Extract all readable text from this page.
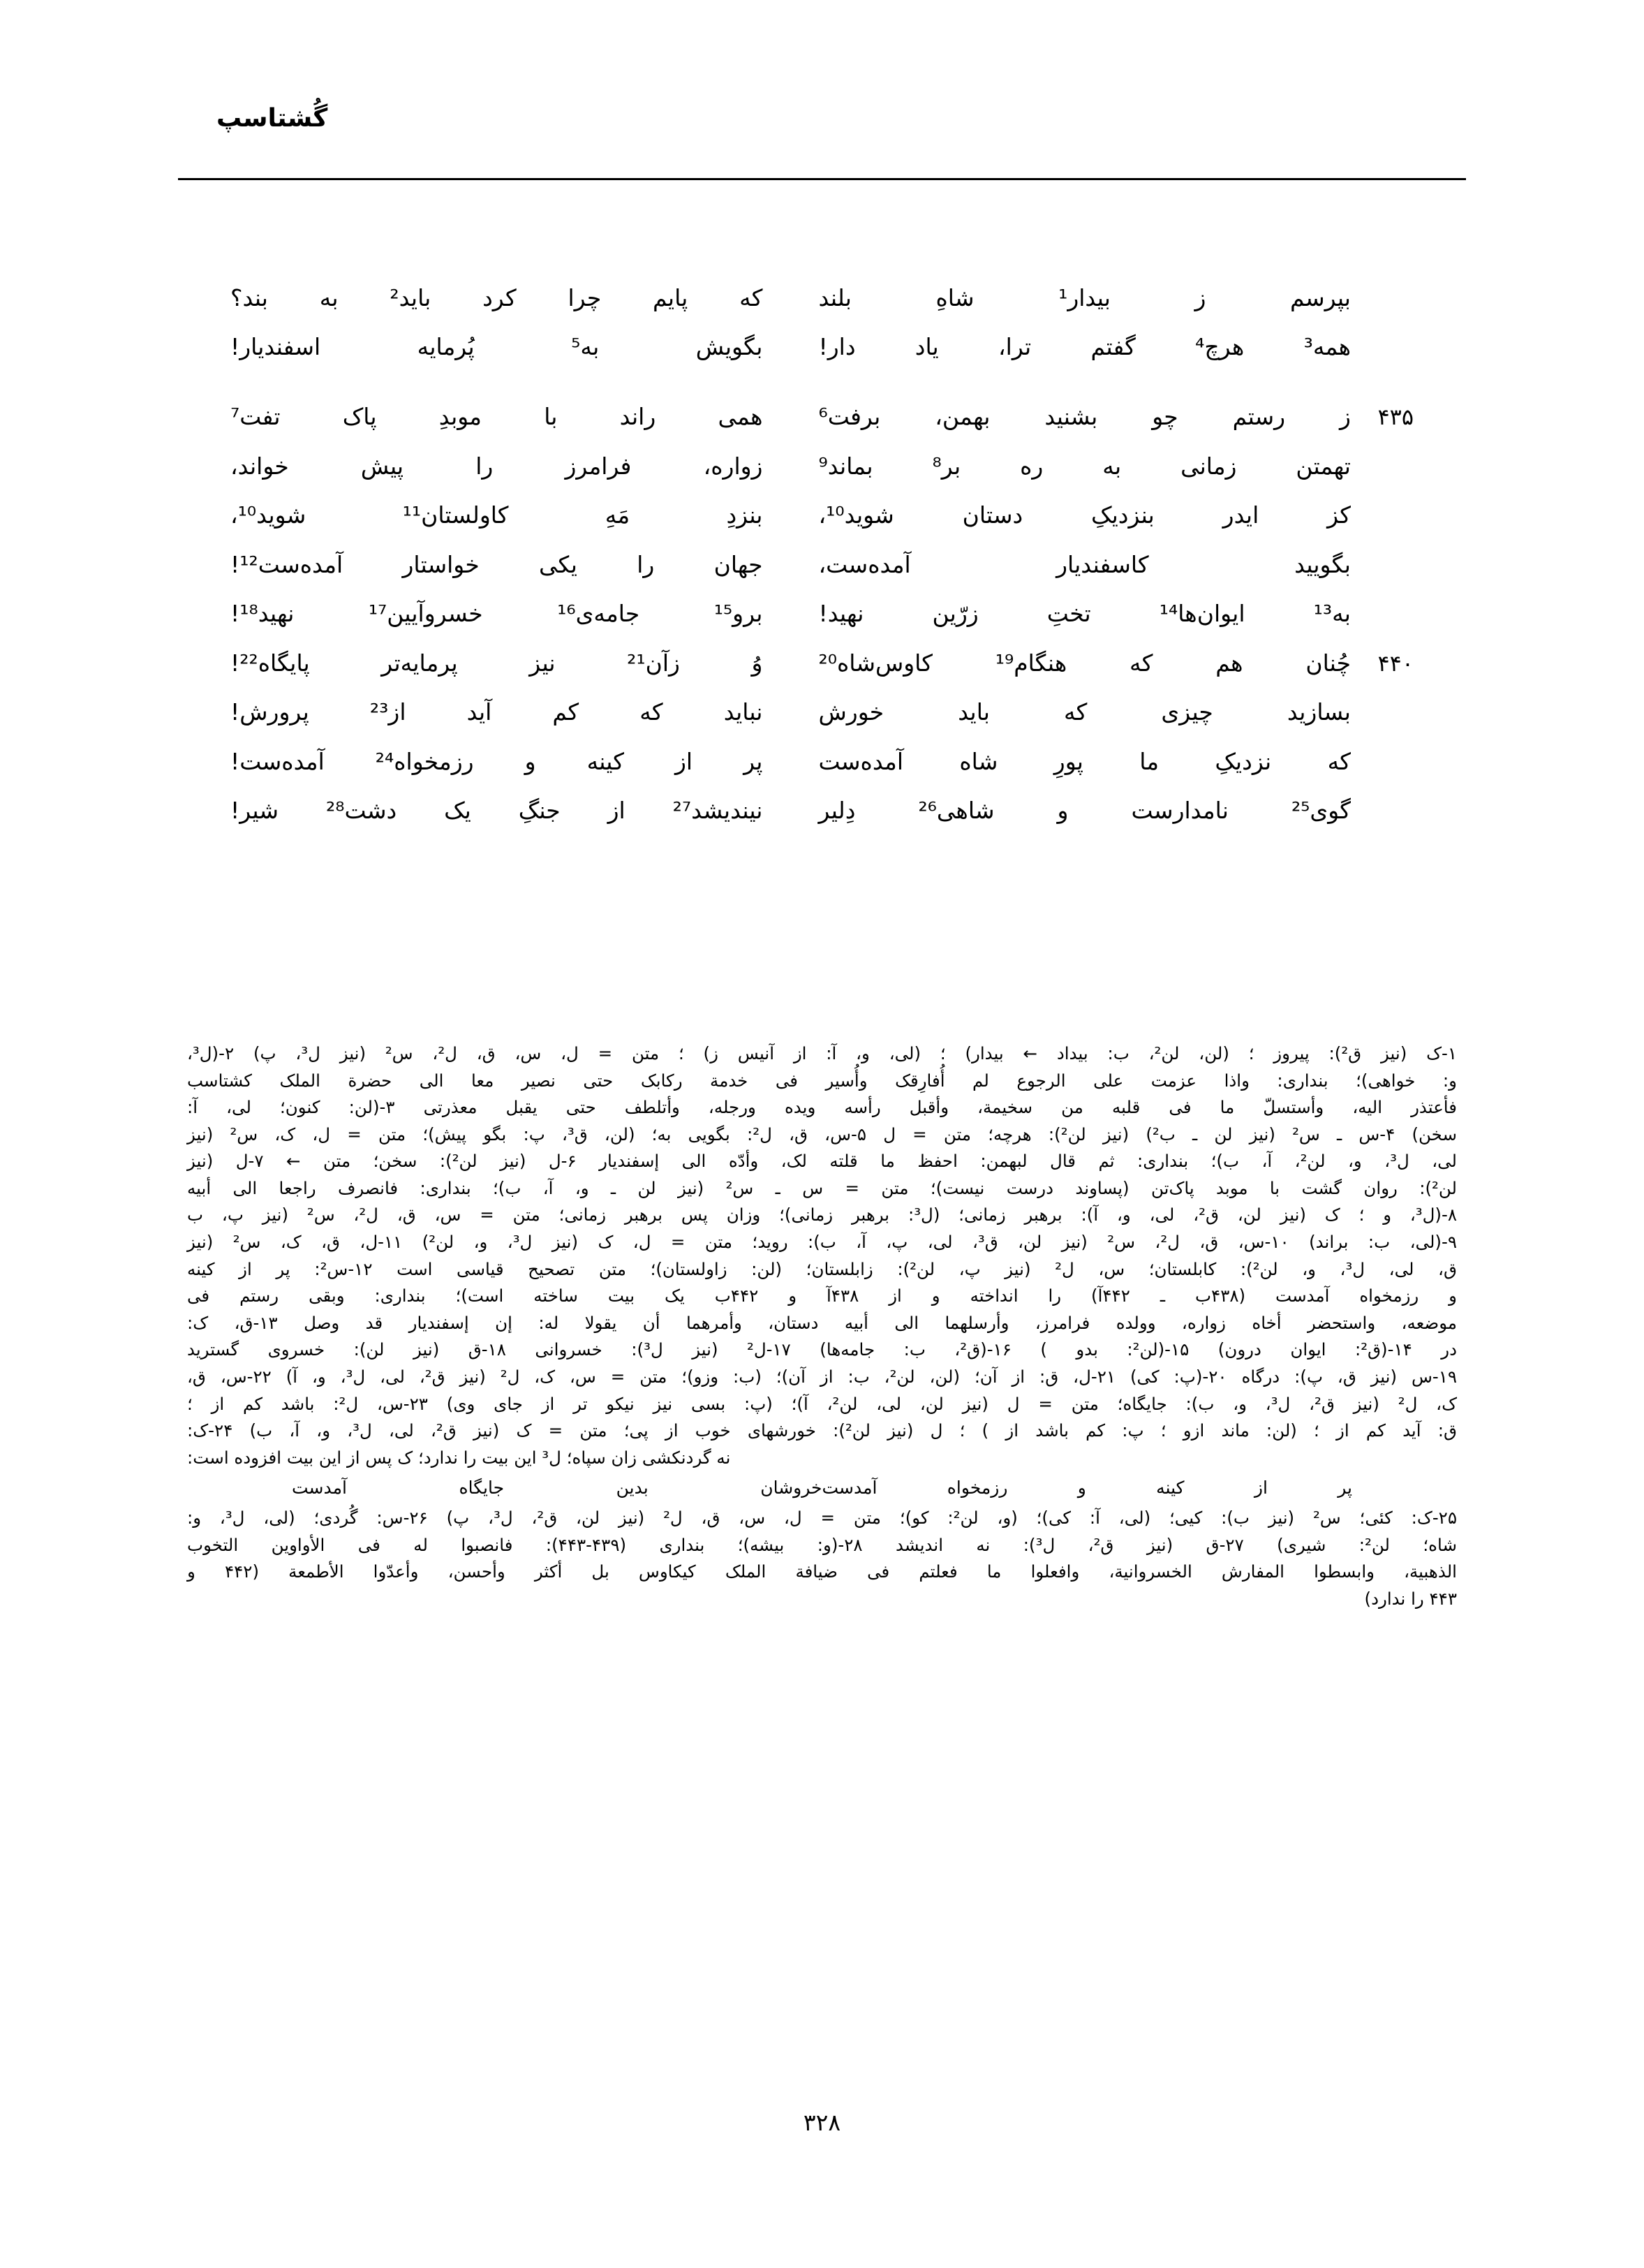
گُشتاسپ
بپرسم ز بیدار¹ شاهِ بلند
که پایم چرا کرد باید² به بند؟
همه³ هرچ⁴ گفتم ترا، یاد دار!
بگویش به⁵ پُرمایه اسفندیار!
۴۳۵
ز رستم چو بشنید بهمن، برفت⁶
همی راند با موبدِ پاک تفت⁷
تهمتن زمانی به ره بر⁸ بماند⁹
زواره، فرامرز را پیش خواند،
کز ایدر بنزدیکِ دستان شوید¹⁰،
بنزدِ مَهِ کاولستان¹¹ شوید¹⁰،
بگویید کاسفندیار آمده‌ست،
جهان را یکی خواستار آمده‌ست¹²!
به¹³ ایوان‌ها¹⁴ تختِ زرّین نهید!
برو¹⁵ جامه‌ی¹⁶ خسروآیین¹⁷ نهید¹⁸!
۴۴۰
چُنان هم که هنگام¹⁹ کاوس‌شاه²⁰
وُ زآن²¹ نیز پرمایه‌تر پایگاه²²!
بسازید چیزی که باید خورش
نباید که کم آید از²³ پرورش!
که نزدیکِ ما پورِ شاه آمده‌ست
پر از کینه و رزمخواه²⁴ آمده‌ست!
گوی²⁵ نامدارست و شاهی²⁶ دِلیر
نیندیشد²⁷ از جنگِ یک دشت²⁸ شیر!
۱-ک (نیز ق²): پیروز ؛ (لن، لن²، ب: بیداد ← بیدار) ؛ (لی، و، آ: از آنیس ز) ؛ متن = ل، س، ق، ل²، س² (نیز ل³، پ) ۲-(ل³،
و: خواهی)؛ بنداری: واذا عزمت علی الرجوع لم أُفارِقک وأُسیر فی خدمة رکابک حتی نصیر معا الی حضرة الملک کشتاسب
فأعتذر الیه، وأستسلّ ما فی قلبه من سخیمة، وأقبل رأسه ویده ورجله، وأتلطف حتی یقبل معذرتی ۳-(لن: کنون؛ لی، آ:
سخن) ۴-س ـ س² (نیز لن ـ ب²) (نیز لن²): هرچه؛ متن = ل ۵-س، ق، ل²: بگویی به؛ (لن، ق³، پ: بگو پیش)؛ متن = ل، ک، س² (نیز
لی، ل³، و، لن²، آ، ب)؛ بنداری: ثم قال لبهمن: احفظ ما قلته لک، وأدّه الی إسفندیار ۶-ل (نیز لن²): سخن؛ متن ← ۷-ل (نیز
لن²): روان گشت با موبد پاک‌تن (پساوند درست نیست)؛ متن = س ـ س² (نیز لن ـ و، آ، ب)؛ بنداری: فانصرف راجعا الی أبیه
۸-(ل³، و ؛ ک (نیز لن، ق²، لی، و، آ): برهبر زمانی؛ (ل³: برهبر زمانی)؛ وزان پس برهبر زمانی؛ متن = س، ق، ل²، س² (نیز پ، ب
۹-(لی، ب: براند) ۱۰-س، ق، ل²، س² (نیز لن، ق³، لی، پ، آ، ب): روید؛ متن = ل، ک (نیز ل³، و، لن²) ۱۱-ل، ق، ک، س² (نیز
ق، لی، ل³، و، لن²): کابلستان؛ س، ل² (نیز پ، لن²): زابلستان؛ (لن: زاولستان)؛ متن تصحیح قیاسی است ۱۲-س²: پر از کینه
و رزمخواه آمدست (۴۳۸ب ـ ۴۴۲آ) را انداخته و از ۴۳۸آ و ۴۴۲ب یک بیت ساخته است)؛ بنداری: وبقی رستم فی
موضعه، واستحضر أخاه زواره، وولده فرامرز، وأرسلهما الی أبیه دستان، وأمرهما أن یقولا له: إن إسفندیار قد وصل ۱۳-ق، ک:
در ۱۴-(ق²: ایوان درون) ۱۵-(لن²: بدو ) ۱۶-(ق²، ب: جامه‌ها) ۱۷-ل² (نیز ل³): خسروانی ۱۸-ق (نیز لن): خسروی گسترید
۱۹-س (نیز ق، پ): درگاه ۲۰-(پ: کی) ۲۱-ل، ق: از آن؛ (لن، لن²، ب: از آن)؛ (ب: وزو)؛ متن = س، ک، ل² (نیز ق²، لی، ل³، و، آ) ۲۲-س، ق،
ک، ل² (نیز ق²، ل³، و، ب): جایگاه؛ متن = ل (نیز لن، لی، لن²، آ)؛ (پ: بسی نیز نیکو تر از جای وی) ۲۳-س، ل²: باشد کم از ؛
ق: آید کم از ؛ (لن: ماند ازو ؛ پ: کم باشد از ) ؛ ل (نیز لن²): خورشهای خوب از پی؛ متن = ک (نیز ق²، لی، ل³، و، آ، ب) ۲۴-ک:
نه گردنکشی زان سپاه؛ ل³ این بیت را ندارد؛ ک پس از این بیت افزوده است:
پر از کینه و رزمخواه آمدست
خروشان بدین جایگاه آمدست
۲۵-ک: کئی؛ س² (نیز ب): کیی؛ (لی، آ: کی)؛ (و، لن²: کو)؛ متن = ل، س، ق، ل² (نیز لن، ق²، ل³، پ) ۲۶-س: گُردی؛ (لی، ل³، و:
شاه؛ لن²: شیری) ۲۷-ق (نیز ق²، ل³): نه اندیشد ۲۸-(و: بیشه)؛ بنداری (۴۳۹-۴۴۳): فانصبوا له فی الأواوین التخوب
الذهبیة، وابسطوا المفارش الخسروانیة، وافعلوا ما فعلتم فی ضیافة الملک کیکاوس بل أکثر وأحسن، وأعدّوا الأطمعة (۴۴۲ و
۴۴۳ را ندارد)
۳۲۸
